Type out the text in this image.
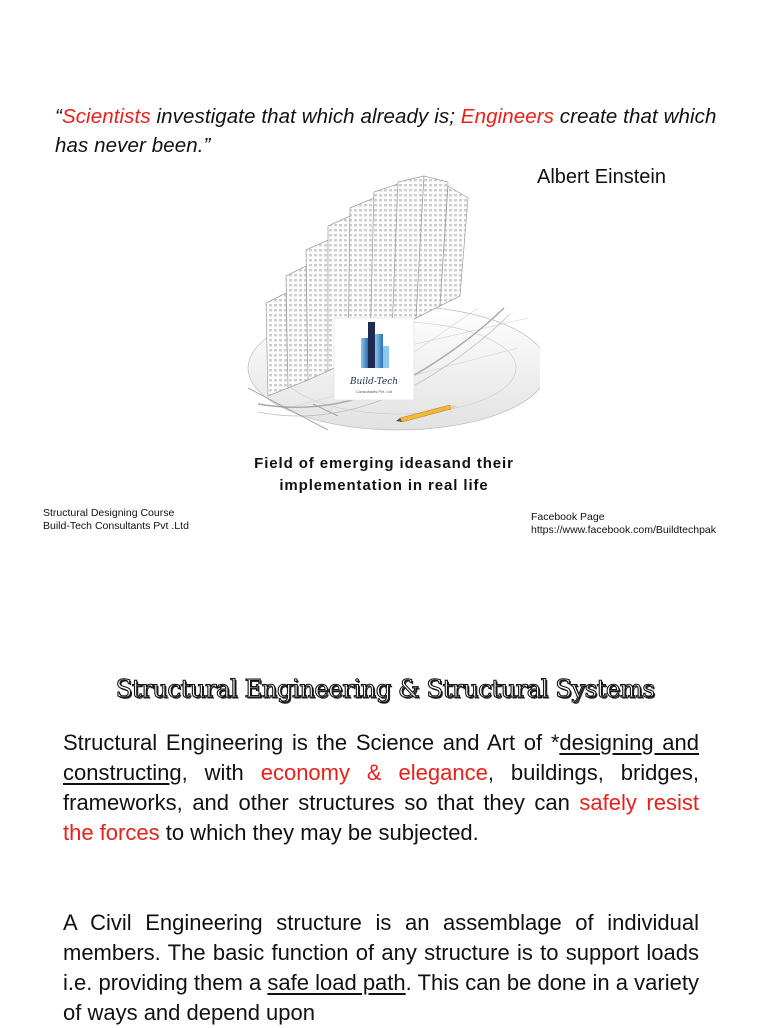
“Scientists investigate that which already is; Engineers create that which has never been.”
Albert Einstein
Build-Tech
Consultants Pvt. Ltd
Field of emerging ideasand their
implementation in real life
Structural Designing Course
Build-Tech Consultants Pvt .Ltd
Facebook Page
https://www.facebook.com/Buildtechpak
Structural Engineering & Structural Systems
Structural Engineering is the Science and Art of *designing and constructing, with economy & elegance, buildings, bridges, frameworks, and other structures so that they can safely resist the forces to which they may be subjected.
A Civil Engineering structure is an assemblage of individual members. The basic function of any structure is to support loads i.e. providing them a safe load path. This can be done in a variety of ways and depend upon
